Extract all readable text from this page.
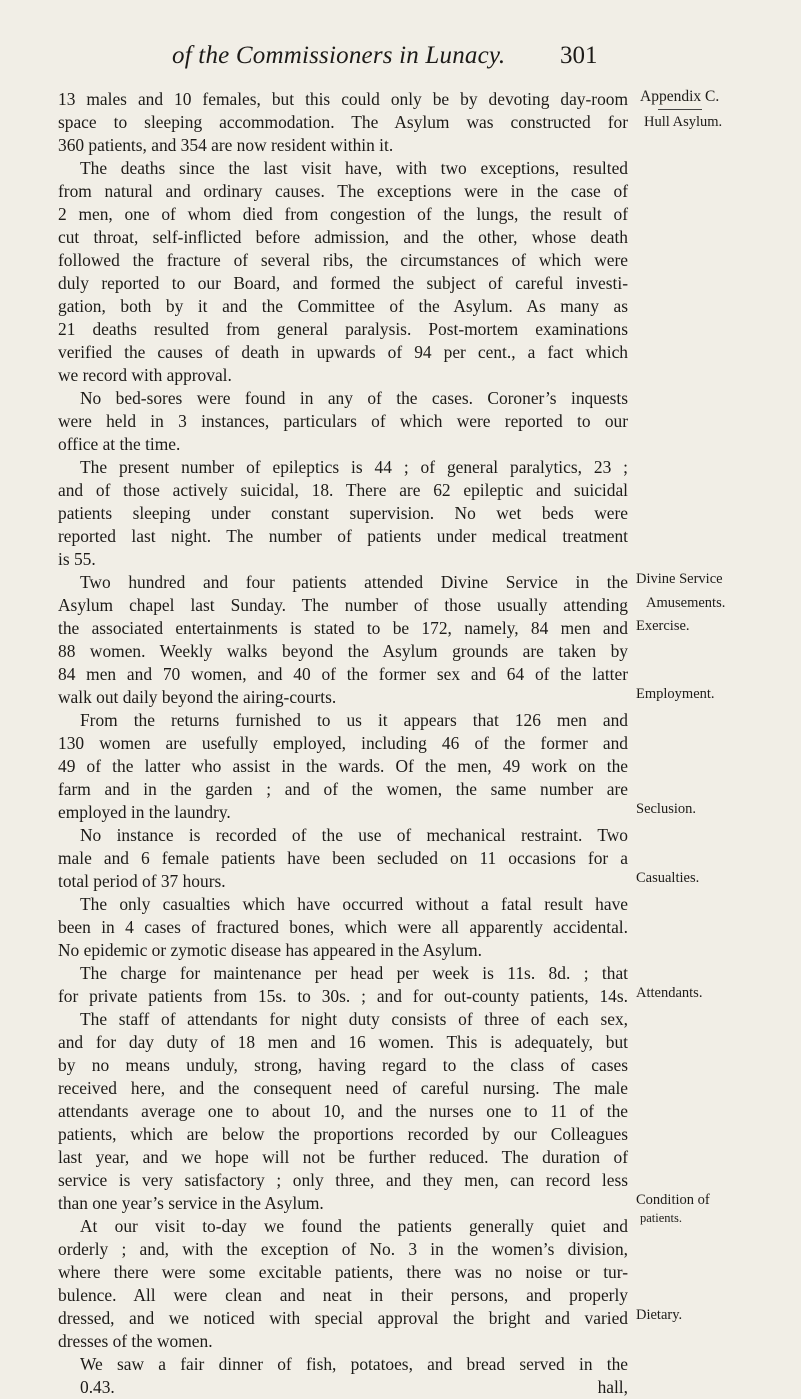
of the Commissioners in Lunacy. 301
13 males and 10 females, but this could only be by devoting day-room
space to sleeping accommodation. The Asylum was constructed for
360 patients, and 354 are now resident within it.
The deaths since the last visit have, with two exceptions, resulted
from natural and ordinary causes. The exceptions were in the case of
2 men, one of whom died from congestion of the lungs, the result of
cut throat, self-inflicted before admission, and the other, whose death
followed the fracture of several ribs, the circumstances of which were
duly reported to our Board, and formed the subject of careful investi-
gation, both by it and the Committee of the Asylum. As many as
21 deaths resulted from general paralysis. Post-mortem examinations
verified the causes of death in upwards of 94 per cent., a fact which
we record with approval.
No bed-sores were found in any of the cases. Coroner’s inquests
were held in 3 instances, particulars of which were reported to our
office at the time.
The present number of epileptics is 44 ; of general paralytics, 23 ;
and of those actively suicidal, 18. There are 62 epileptic and suicidal
patients sleeping under constant supervision. No wet beds were
reported last night. The number of patients under medical treatment
is 55.
Two hundred and four patients attended Divine Service in the
Asylum chapel last Sunday. The number of those usually attending
the associated entertainments is stated to be 172, namely, 84 men and
88 women. Weekly walks beyond the Asylum grounds are taken by
84 men and 70 women, and 40 of the former sex and 64 of the latter
walk out daily beyond the airing-courts.
From the returns furnished to us it appears that 126 men and
130 women are usefully employed, including 46 of the former and
49 of the latter who assist in the wards. Of the men, 49 work on the
farm and in the garden ; and of the women, the same number are
employed in the laundry.
No instance is recorded of the use of mechanical restraint. Two
male and 6 female patients have been secluded on 11 occasions for a
total period of 37 hours.
The only casualties which have occurred without a fatal result have
been in 4 cases of fractured bones, which were all apparently accidental.
No epidemic or zymotic disease has appeared in the Asylum.
The charge for maintenance per head per week is 11s. 8d. ; that
for private patients from 15s. to 30s. ; and for out-county patients, 14s.
The staff of attendants for night duty consists of three of each sex,
and for day duty of 18 men and 16 women. This is adequately, but
by no means unduly, strong, having regard to the class of cases
received here, and the consequent need of careful nursing. The male
attendants average one to about 10, and the nurses one to 11 of the
patients, which are below the proportions recorded by our Colleagues
last year, and we hope will not be further reduced. The duration of
service is very satisfactory ; only three, and they men, can record less
than one year’s service in the Asylum.
At our visit to-day we found the patients generally quiet and
orderly ; and, with the exception of No. 3 in the women’s division,
where there were some excitable patients, there was no noise or tur-
bulence. All were clean and neat in their persons, and properly
dressed, and we noticed with special approval the bright and varied
dresses of the women.
We saw a fair dinner of fish, potatoes, and bread served in the
0.43.	hall,
Appendix C.
Hull Asylum.
Divine Service
Amusements.
Exercise.
Employment.
Seclusion.
Casualties.
Attendants.
Condition of
patients.
Dietary.
